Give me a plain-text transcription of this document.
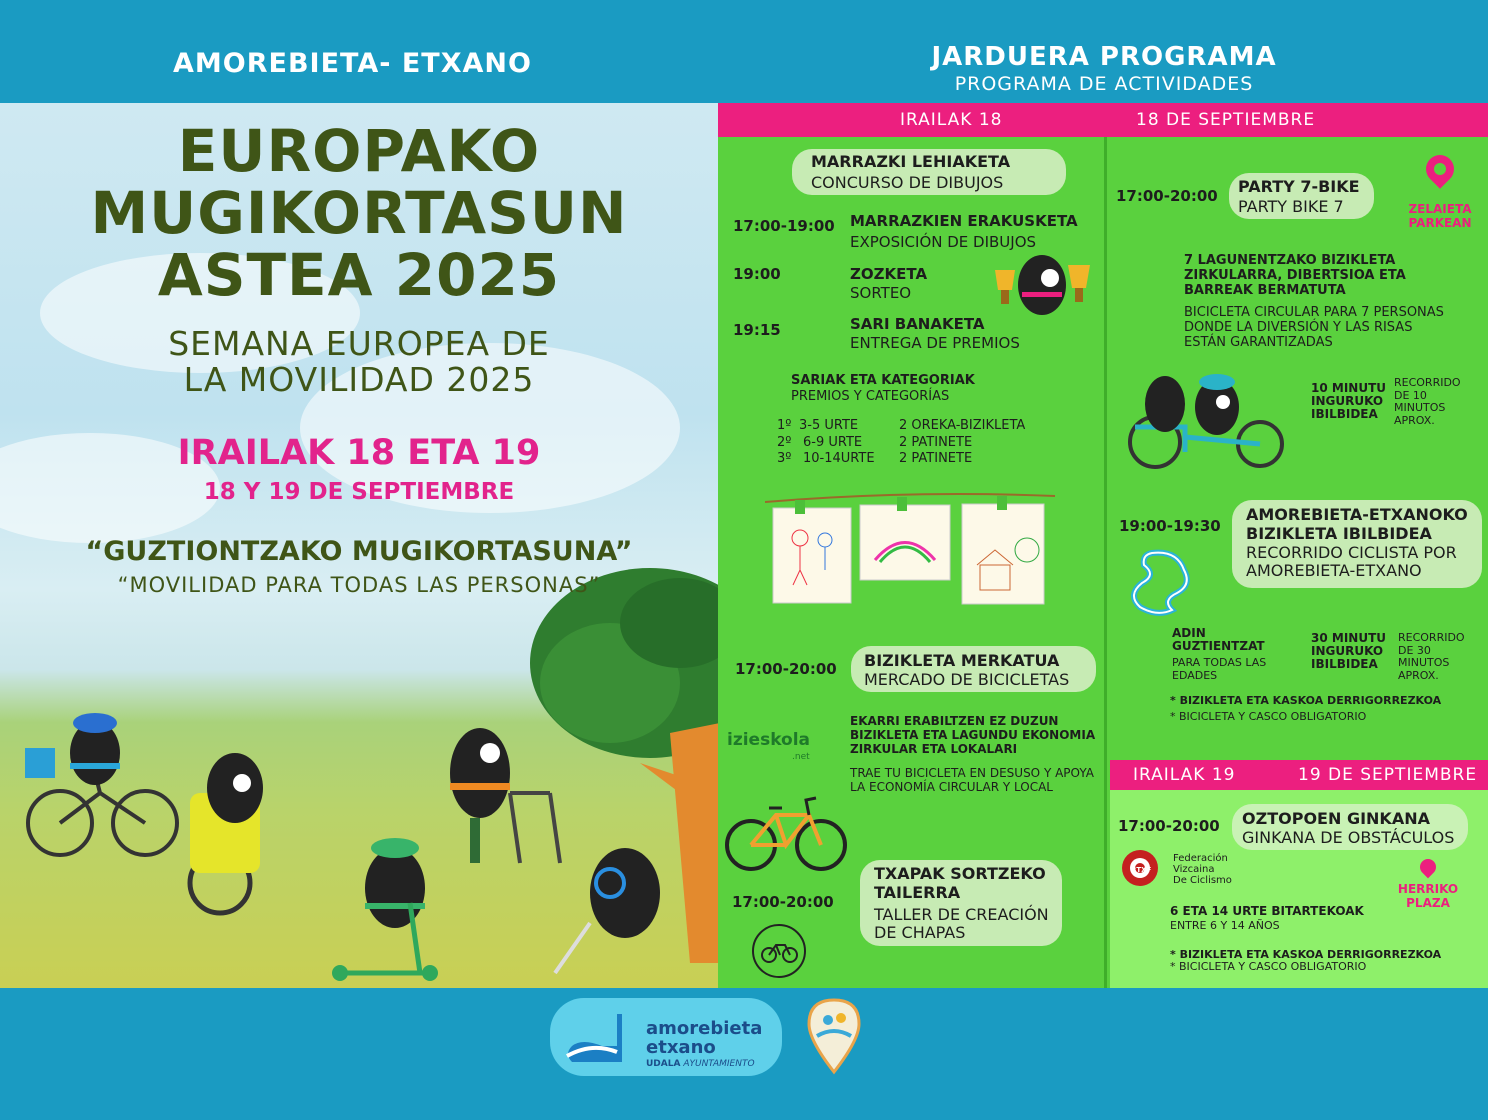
AMOREBIETA- ETXANO	JARDUERA PROGRAMA
PROGRAMA DE ACTIVIDADES
EUROPAKO
MUGIKORTASUN
ASTEA 2025
SEMANA EUROPEA DE
LA MOVILIDAD 2025
IRAILAK 18 ETA 19
18 Y 19 DE SEPTIEMBRE
“GUZTIONTZAKO MUGIKORTASUNA”
“MOVILIDAD PARA TODAS LAS PERSONAS”
IRAILAK 18	18 DE SEPTIEMBRE
MARRAZKI LEHIAKETA
CONCURSO DE DIBUJOS
17:00-19:00 MARRAZKIEN ERAKUSKETA
EXPOSICIÓN DE DIBUJOS
19:00	ZOZKETA
SORTEO
19:15	SARI BANAKETA
ENTREGA DE PREMIOS
SARIAK ETA KATEGORIAK
PREMIOS Y CATEGORÍAS
1º 3-5 URTE	2 OREKA-BIZIKLETA
2º 6-9 URTE	2 PATINETE
3º 10-14URTE 2 PATINETE
17:00-20:00 BIZIKLETA MERKATUA
MERCADO DE BICICLETAS
izieskola
.net
EKARRI ERABILTZEN EZ DUZUN BIZIKLETA ETA LAGUNDU EKONOMIA ZIRKULAR ETA LOKALARI
TRAE TU BICICLETA EN DESUSO Y APOYA LA ECONOMÍA CIRCULAR Y LOCAL
17:00-20:00
TXAPAK SORTZEKO TAILERRA
TALLER DE CREACIÓN DE CHAPAS
17:00-20:00 PARTY 7-BIKE
PARTY BIKE 7	ZELAIETA PARKEAN
7 LAGUNENTZAKO BIZIKLETA ZIRKULARRA, DIBERTSIOA ETA BARREAK BERMATUTA
BICICLETA CIRCULAR PARA 7 PERSONAS DONDE LA DIVERSIÓN Y LAS RISAS ESTÁN GARANTIZADAS
10 MINUTU INGURUKO IBILBIDEA
RECORRIDO DE 10 MINUTOS APROX.
19:00-19:30
AMOREBIETA-ETXANOKO BIZIKLETA IBILBIDEA
RECORRIDO CICLISTA POR AMOREBIETA-ETXANO
ADIN GUZTIENTZAT
PARA TODAS LAS EDADES
30 MINUTU INGURUKO IBILBIDEA
RECORRIDO DE 30 MINUTOS APROX.
* BIZIKLETA ETA KASKOA DERRIGORREZKOA
* BICICLETA Y CASCO OBLIGATORIO
IRAILAK 19	19 DE SEPTIEMBRE
17:00-20:00 OZTOPOEN GINKANA
GINKANA DE OBSTÁCULOS
BTXF
Federación
Vizcaina
De Ciclismo
HERRIKO PLAZA
6 ETA 14 URTE BITARTEKOAK
ENTRE 6 Y 14 AÑOS
* BIZIKLETA ETA KASKOA DERRIGORREZKOA
* BICICLETA Y CASCO OBLIGATORIO
amorebieta
etxano
UDALA AYUNTAMIENTO
